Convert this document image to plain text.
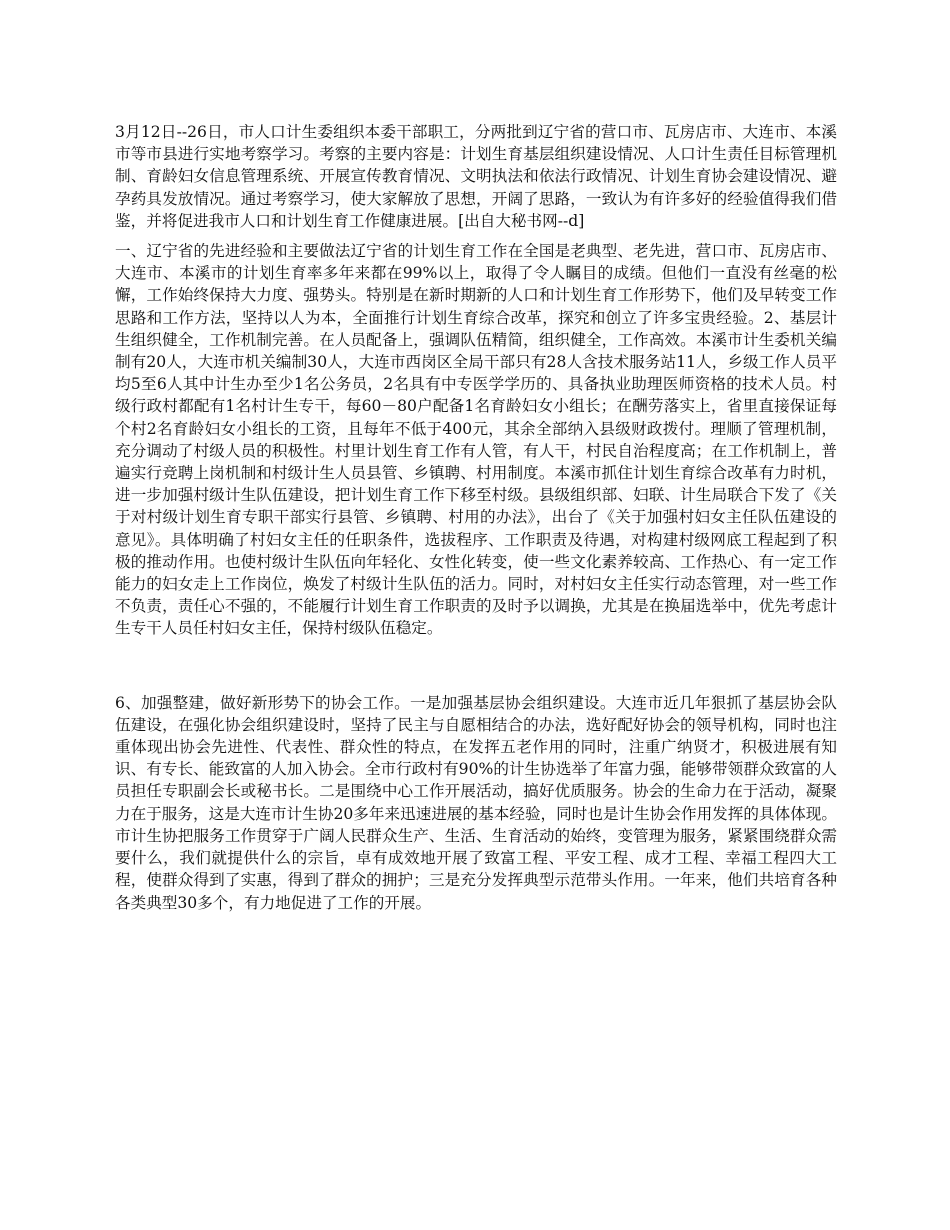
3月12日--26日，市人口计生委组织本委干部职工，分两批到辽宁省的营口市、瓦房店市、大连市、本溪市等市县进行实地考察学习。考察的主要内容是：计划生育基层组织建设情况、人口计生责任目标管理机制、育龄妇女信息管理系统、开展宣传教育情况、文明执法和依法行政情况、计划生育协会建设情况、避孕药具发放情况。通过考察学习，使大家解放了思想，开阔了思路，一致认为有许多好的经验值得我们借鉴，并将促进我市人口和计划生育工作健康进展。[出自大秘书网--d]

一、辽宁省的先进经验和主要做法辽宁省的计划生育工作在全国是老典型、老先进，营口市、瓦房店市、大连市、本溪市的计划生育率多年来都在99%以上，取得了令人瞩目的成绩。但他们一直没有丝毫的松懈，工作始终保持大力度、强势头。特别是在新时期新的人口和计划生育工作形势下，他们及早转变工作思路和工作方法，坚持以人为本，全面推行计划生育综合改革，探究和创立了许多宝贵经验。2、基层计生组织健全，工作机制完善。在人员配备上，强调队伍精简，组织健全，工作高效。本溪市计生委机关编制有20人，大连市机关编制30人，大连市西岗区全局干部只有28人含技术服务站11人，乡级工作人员平均5至6人其中计生办至少1名公务员，2名具有中专医学学历的、具备执业助理医师资格的技术人员。村级行政村都配有1名村计生专干，每60－80户配备1名育龄妇女小组长；在酬劳落实上，省里直接保证每个村2名育龄妇女小组长的工资，且每年不低于400元，其余全部纳入县级财政拨付。理顺了管理机制，充分调动了村级人员的积极性。村里计划生育工作有人管，有人干，村民自治程度高；在工作机制上，普遍实行竞聘上岗机制和村级计生人员县管、乡镇聘、村用制度。本溪市抓住计划生育综合改革有力时机，进一步加强村级计生队伍建设，把计划生育工作下移至村级。县级组织部、妇联、计生局联合下发了《关于对村级计划生育专职干部实行县管、乡镇聘、村用的办法》，出台了《关于加强村妇女主任队伍建设的意见》。具体明确了村妇女主任的任职条件，选拔程序、工作职责及待遇，对构建村级网底工程起到了积极的推动作用。也使村级计生队伍向年轻化、女性化转变，使一些文化素养较高、工作热心、有一定工作能力的妇女走上工作岗位，焕发了村级计生队伍的活力。同时，对村妇女主任实行动态管理，对一些工作不负责，责任心不强的，不能履行计划生育工作职责的及时予以调换，尤其是在换届选举中，优先考虑计生专干人员任村妇女主任，保持村级队伍稳定。

6、加强整建，做好新形势下的协会工作。一是加强基层协会组织建设。大连市近几年狠抓了基层协会队伍建设，在强化协会组织建设时，坚持了民主与自愿相结合的办法，选好配好协会的领导机构，同时也注重体现出协会先进性、代表性、群众性的特点，在发挥五老作用的同时，注重广纳贤才，积极进展有知识、有专长、能致富的人加入协会。全市行政村有90%的计生协选举了年富力强，能够带领群众致富的人员担任专职副会长或秘书长。二是围绕中心工作开展活动，搞好优质服务。协会的生命力在于活动，凝聚力在于服务，这是大连市计生协20多年来迅速进展的基本经验，同时也是计生协会作用发挥的具体体现。市计生协把服务工作贯穿于广阔人民群众生产、生活、生育活动的始终，变管理为服务，紧紧围绕群众需要什么，我们就提供什么的宗旨，卓有成效地开展了致富工程、平安工程、成才工程、幸福工程四大工程，使群众得到了实惠，得到了群众的拥护；三是充分发挥典型示范带头作用。一年来，他们共培育各种各类典型30多个，有力地促进了工作的开展。
